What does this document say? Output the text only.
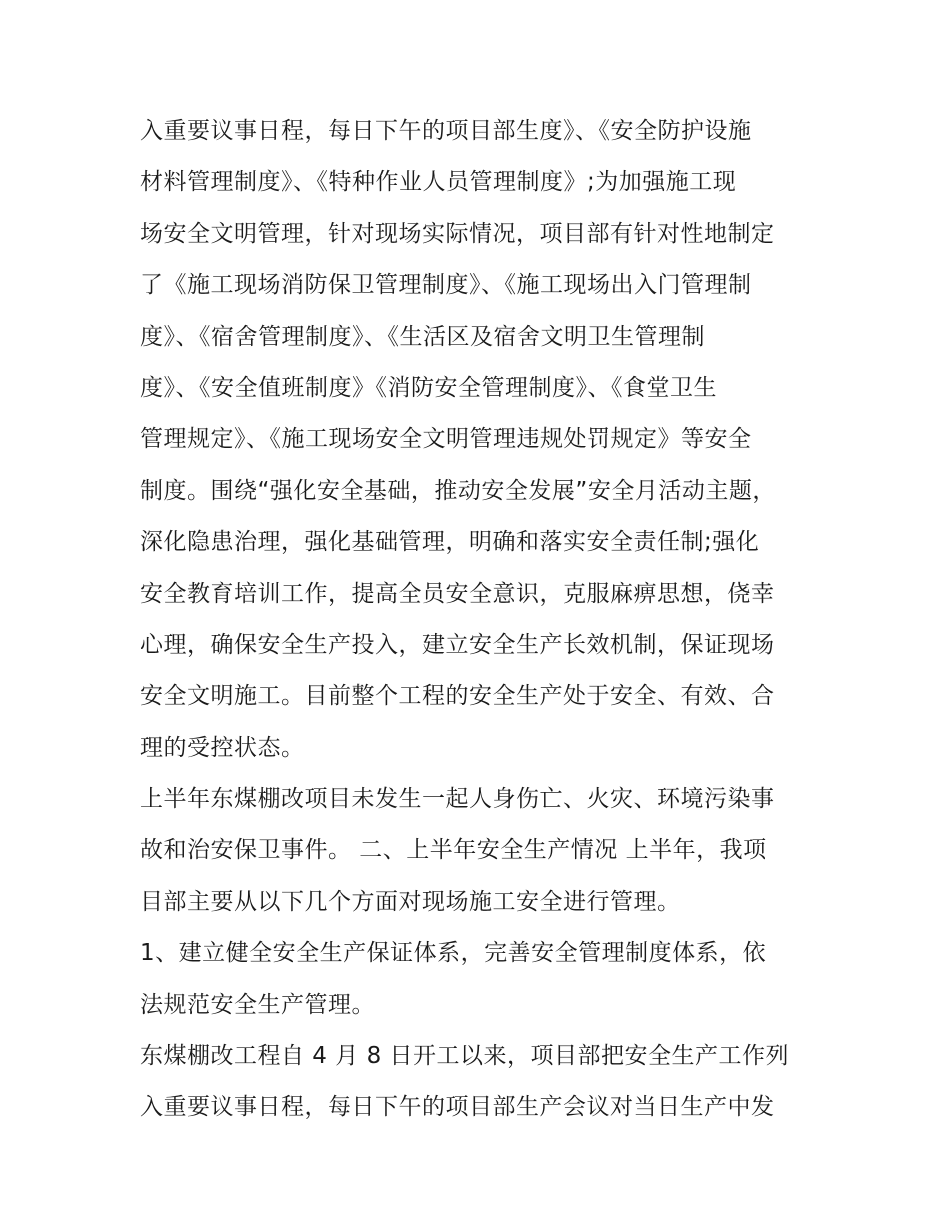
入重要议事日程，每日下午的项目部生度》、《安全防护设施
材料管理制度》、《特种作业人员管理制度》;为加强施工现
场安全文明管理，针对现场实际情况，项目部有针对性地制定
了《施工现场消防保卫管理制度》、《施工现场出入门管理制
度》、《宿舍管理制度》、《生活区及宿舍文明卫生管理制
度》、《安全值班制度》《消防安全管理制度》、《食堂卫生
管理规定》、《施工现场安全文明管理违规处罚规定》等安全
制度。围绕“强化安全基础，推动安全发展”安全月活动主题，
深化隐患治理，强化基础管理，明确和落实安全责任制;强化
安全教育培训工作，提高全员安全意识，克服麻痹思想，侥幸
心理，确保安全生产投入，建立安全生产长效机制，保证现场
安全文明施工。目前整个工程的安全生产处于安全、有效、合
理的受控状态。
上半年东煤棚改项目未发生一起人身伤亡、火灾、环境污染事
故和治安保卫事件。 二、上半年安全生产情况 上半年，我项
目部主要从以下几个方面对现场施工安全进行管理。
1、建立健全安全生产保证体系，完善安全管理制度体系，依
法规范安全生产管理。
东煤棚改工程自 4 月 8 日开工以来，项目部把安全生产工作列
入重要议事日程，每日下午的项目部生产会议对当日生产中发
